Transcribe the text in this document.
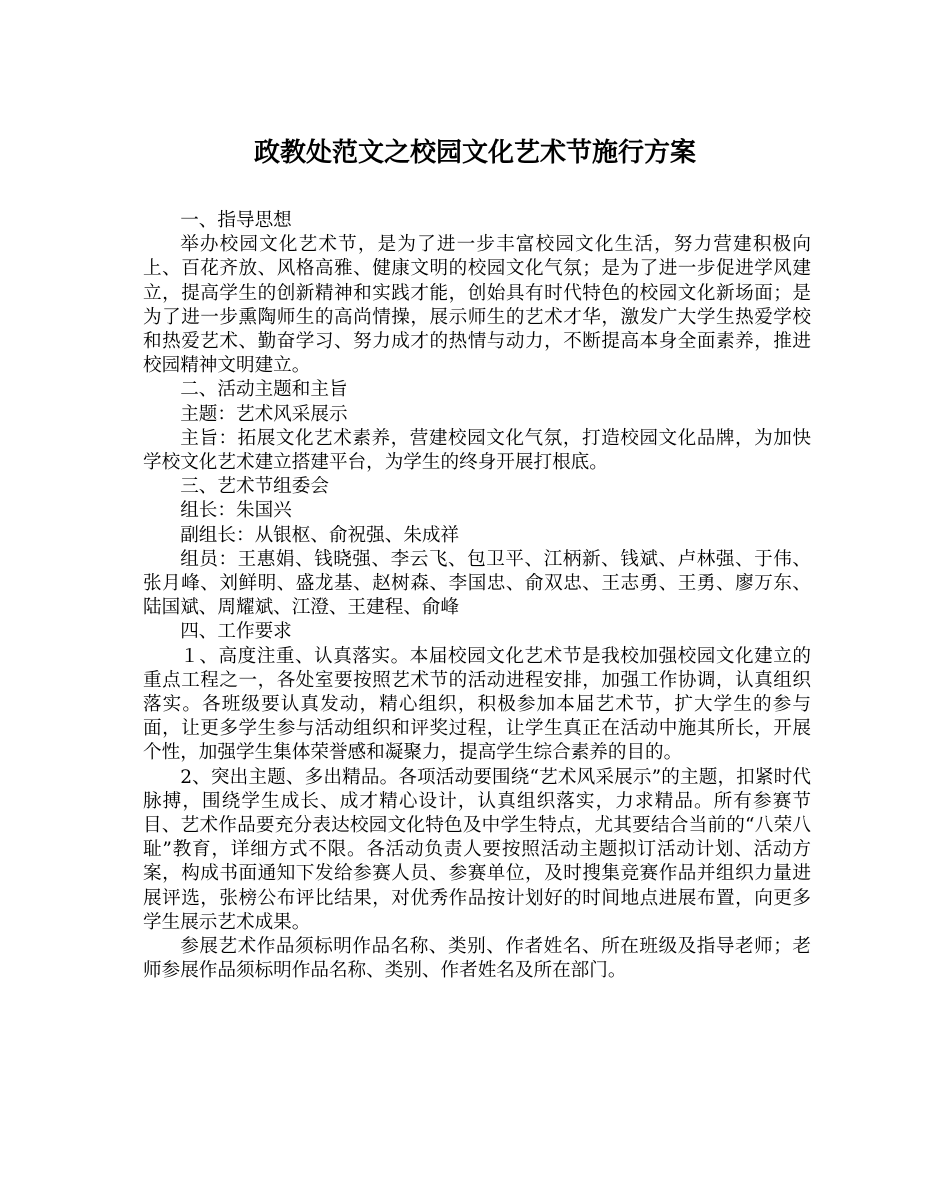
政教处范文之校园文化艺术节施行方案

一、指导思想

举办校园文化艺术节，是为了进一步丰富校园文化生活，努力营建积极向上、百花齐放、风格高雅、健康文明的校园文化气氛；是为了进一步促进学风建立，提高学生的创新精神和实践才能，创始具有时代特色的校园文化新场面；是为了进一步熏陶师生的高尚情操，展示师生的艺术才华，激发广大学生热爱学校和热爱艺术、勤奋学习、努力成才的热情与动力，不断提高本身全面素养，推进校园精神文明建立。

二、活动主题和主旨

主题：艺术风采展示

主旨：拓展文化艺术素养，营建校园文化气氛，打造校园文化品牌，为加快学校文化艺术建立搭建平台，为学生的终身开展打根底。

三、艺术节组委会

组长：朱国兴

副组长：从银枢、俞祝强、朱成祥

组员：王惠娟、钱晓强、李云飞、包卫平、江柄新、钱斌、卢林强、于伟、张月峰、刘鲜明、盛龙基、赵树森、李国忠、俞双忠、王志勇、王勇、廖万东、陆国斌、周耀斌、江澄、王建程、俞峰

四、工作要求

１、高度注重、认真落实。本届校园文化艺术节是我校加强校园文化建立的重点工程之一，各处室要按照艺术节的活动进程安排，加强工作协调，认真组织落实。各班级要认真发动，精心组织，积极参加本届艺术节，扩大学生的参与面，让更多学生参与活动组织和评奖过程，让学生真正在活动中施其所长，开展个性，加强学生集体荣誉感和凝聚力，提高学生综合素养的目的。

2、突出主题、多出精品。各项活动要围绕“艺术风采展示”的主题，扣紧时代脉搏，围绕学生成长、成才精心设计，认真组织落实，力求精品。所有参赛节目、艺术作品要充分表达校园文化特色及中学生特点，尤其要结合当前的“八荣八耻”教育，详细方式不限。各活动负责人要按照活动主题拟订活动计划、活动方案，构成书面通知下发给参赛人员、参赛单位，及时搜集竞赛作品并组织力量进展评选，张榜公布评比结果，对优秀作品按计划好的时间地点进展布置，向更多学生展示艺术成果。

参展艺术作品须标明作品名称、类别、作者姓名、所在班级及指导老师；老师参展作品须标明作品名称、类别、作者姓名及所在部门。
